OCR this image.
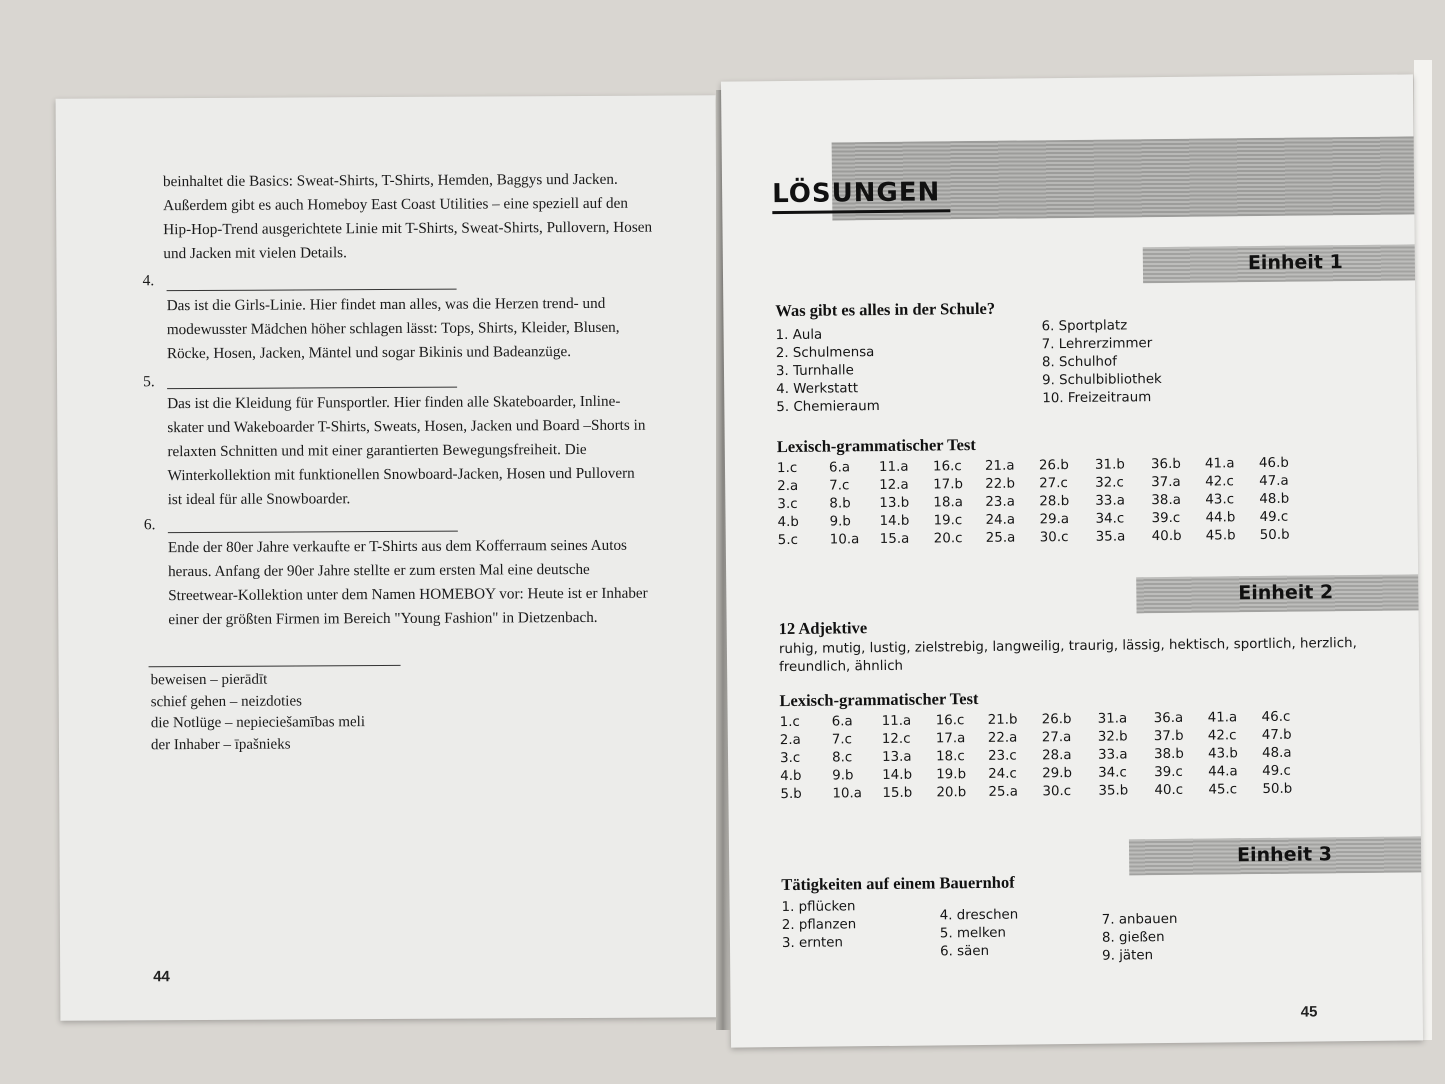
beinhaltet die Basics: Sweat-Shirts, T-Shirts, Hemden, Baggys und Jacken. Außerdem gibt es auch Homeboy East Coast Utilities – eine speziell auf den Hip-Hop-Trend ausgerichtete Linie mit T-Shirts, Sweat-Shirts, Pullovern, Hosen und Jacken mit vielen Details.
4.
Das ist die Girls-Linie. Hier findet man alles, was die Herzen trend- und modewusster Mädchen höher schlagen lässt: Tops, Shirts, Kleider, Blusen, Röcke, Hosen, Jacken, Mäntel und sogar Bikinis und Badeanzüge.
5.
Das ist die Kleidung für Funsportler. Hier finden alle Skateboarder, Inline-skater und Wakeboarder T-Shirts, Sweats, Hosen, Jacken und Board –Shorts in relaxten Schnitten und mit einer garantierten Bewegungsfreiheit. Die Winterkollektion mit funktionellen Snowboard-Jacken, Hosen und Pullovern ist ideal für alle Snowboarder.
6.
Ende der 80er Jahre verkaufte er T-Shirts aus dem Kofferraum seines Autos heraus. Anfang der 90er Jahre stellte er zum ersten Mal eine deutsche Streetwear-Kollektion unter dem Namen HOMEBOY vor: Heute ist er Inhaber einer der größten Firmen im Bereich "Young Fashion" in Dietzenbach.
beweisen – pierādīt
schief gehen – neizdoties
die Notlüge – nepieciešamības meli
der Inhaber – īpašnieks
44
LÖSUNGEN
Einheit 1
Was gibt es alles in der Schule?
1. Aula
2. Schulmensa
3. Turnhalle
4. Werkstatt
5. Chemieraum
6. Sportplatz
7. Lehrerzimmer
8. Schulhof
9. Schulbibliothek
10. Freizeitraum
Lexisch-grammatischer Test
1.c 6.a 11.a 16.c 21.a 26.b 31.b 36.b 41.a 46.b
2.a 7.c 12.a 17.b 22.b 27.c 32.c 37.a 42.c 47.a
3.c 8.b 13.b 18.a 23.a 28.b 33.a 38.a 43.c 48.b
4.b 9.b 14.b 19.c 24.a 29.a 34.c 39.c 44.b 49.c
5.c 10.a 15.a 20.c 25.a 30.c 35.a 40.b 45.b 50.b
Einheit 2
12 Adjektive
ruhig, mutig, lustig, zielstrebig, langweilig, traurig, lässig, hektisch, sportlich, herzlich, freundlich, ähnlich
Lexisch-grammatischer Test
1.c 6.a 11.a 16.c 21.b 26.b 31.a 36.a 41.a 46.c
2.a 7.c 12.c 17.a 22.a 27.a 32.b 37.b 42.c 47.b
3.c 8.c 13.a 18.c 23.c 28.a 33.a 38.b 43.b 48.a
4.b 9.b 14.b 19.b 24.c 29.b 34.c 39.c 44.a 49.c
5.b 10.a 15.b 20.b 25.a 30.c 35.b 40.c 45.c 50.b
Einheit 3
Tätigkeiten auf einem Bauernhof
1. pflücken
2. pflanzen
3. ernten
4. dreschen
5. melken
6. säen
7. anbauen
8. gießen
9. jäten
45
